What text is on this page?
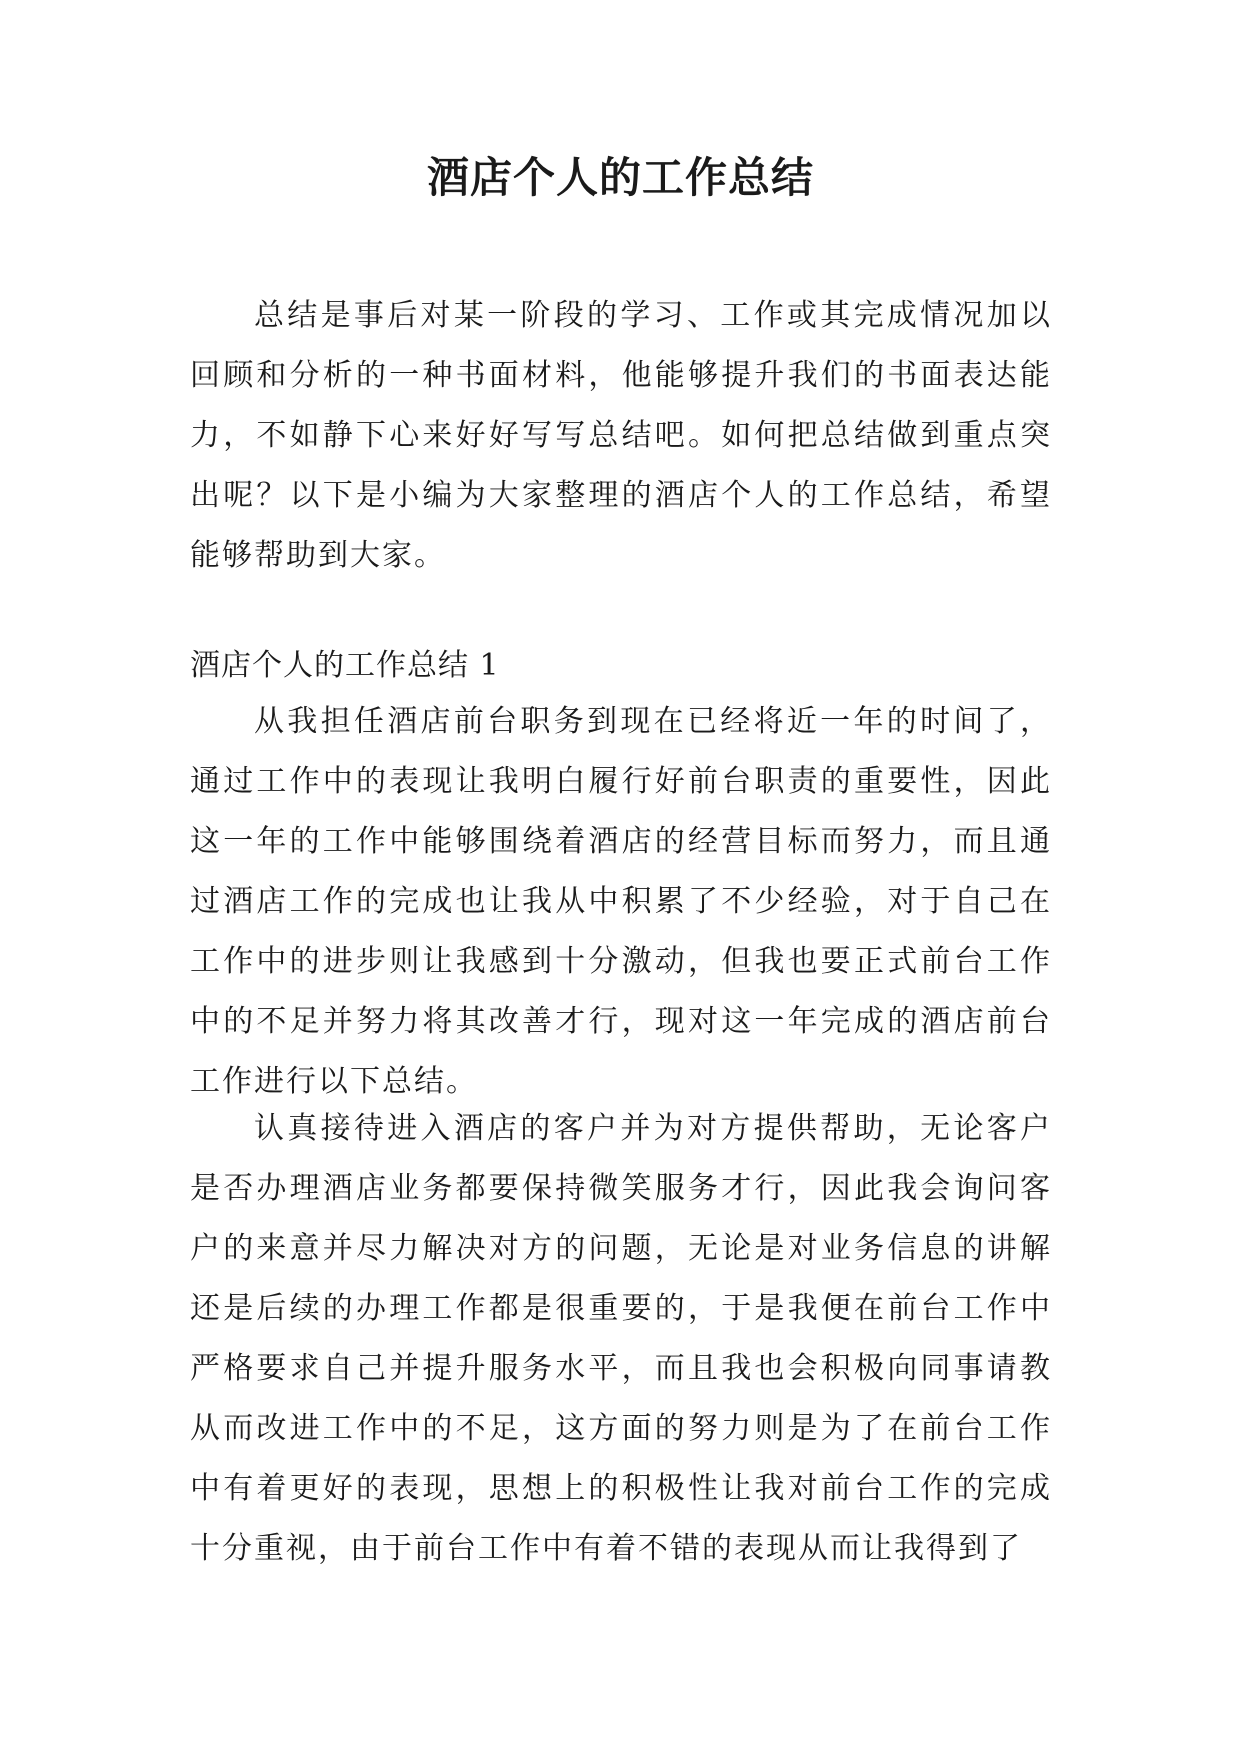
酒店个人的工作总结

总结是事后对某一阶段的学习、工作或其完成情况加以回顾和分析的一种书面材料，他能够提升我们的书面表达能力，不如静下心来好好写写总结吧。如何把总结做到重点突出呢？以下是小编为大家整理的酒店个人的工作总结，希望能够帮助到大家。

酒店个人的工作总结 1

从我担任酒店前台职务到现在已经将近一年的时间了，通过工作中的表现让我明白履行好前台职责的重要性，因此这一年的工作中能够围绕着酒店的经营目标而努力，而且通过酒店工作的完成也让我从中积累了不少经验，对于自己在工作中的进步则让我感到十分激动，但我也要正式前台工作中的不足并努力将其改善才行，现对这一年完成的酒店前台工作进行以下总结。

认真接待进入酒店的客户并为对方提供帮助，无论客户是否办理酒店业务都要保持微笑服务才行，因此我会询问客户的来意并尽力解决对方的问题，无论是对业务信息的讲解还是后续的办理工作都是很重要的，于是我便在前台工作中严格要求自己并提升服务水平，而且我也会积极向同事请教从而改进工作中的不足，这方面的努力则是为了在前台工作中有着更好的表现，思想上的积极性让我对前台工作的完成十分重视，由于前台工作中有着不错的表现从而让我得到了
